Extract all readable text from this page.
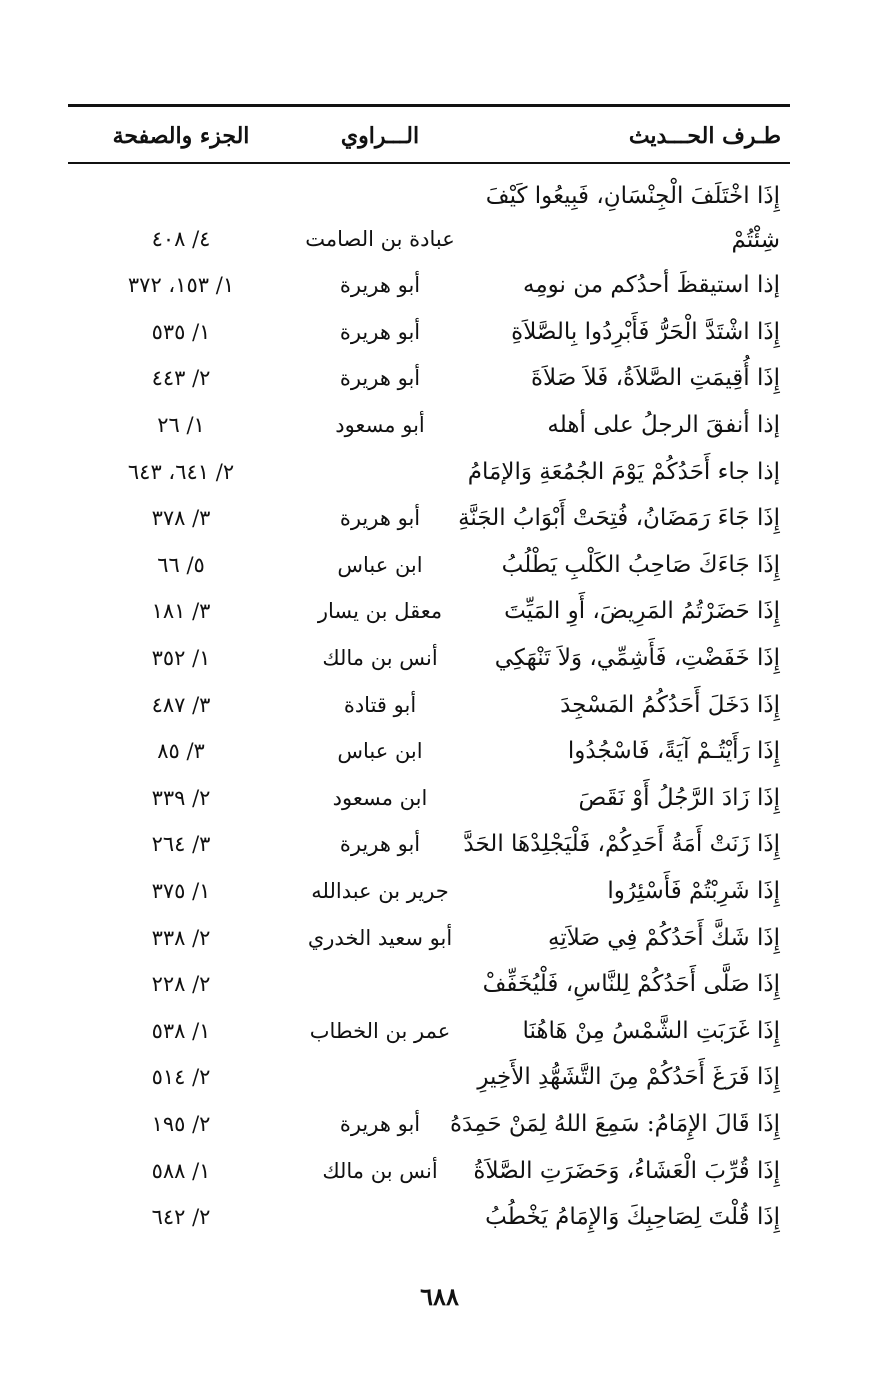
طـرف الحـــديث
الـــراوي
الجزء والصفحة
إِذَا اخْتَلَفَ الْجِنْسَانِ، فَبِيعُوا كَيْفَ شِئْتُمْ
عبادة بن الصامت
٤/ ٤٠٨
إذا استيقظَ أحدُكم من نومِه
أبو هريرة
١/ ١٥٣، ٣٧٢
إِذَا اشْتَدَّ الْحَرُّ فَأَبْرِدُوا بِالصَّلاَةِ
أبو هريرة
١/ ٥٣٥
إِذَا أُقِيمَتِ الصَّلاَةُ، فَلاَ صَلاَةَ
أبو هريرة
٢/ ٤٤٣
إذا أنفقَ الرجلُ على أهله
أبو مسعود
١/ ٢٦
إذا جاء أَحَدُكُمْ يَوْمَ الجُمُعَةِ وَالإمَامُ
٢/ ٦٤١، ٦٤٣
إِذَا جَاءَ رَمَضَانُ، فُتِحَتْ أَبْوَابُ الجَنَّةِ
أبو هريرة
٣/ ٣٧٨
إِذَا جَاءَكَ صَاحِبُ الكَلْبِ يَطْلُبُ
ابن عباس
٥/ ٦٦
إِذَا حَضَرْتُمُ المَرِيضَ، أَوِ المَيِّتَ
معقل بن يسار
٣/ ١٨١
إِذَا خَفَضْتِ، فَأَشِمِّي، وَلاَ تَنْهَكِي
أنس بن مالك
١/ ٣٥٢
إِذَا دَخَلَ أَحَدُكُمُ المَسْجِدَ
أبو قتادة
٣/ ٤٨٧
إِذَا رَأَيْتُـمْ آيَةً، فَاسْجُدُوا
ابن عباس
٣/ ٨٥
إِذَا زَادَ الرَّجُلُ أَوْ نَقَصَ
ابن مسعود
٢/ ٣٣٩
إِذَا زَنَتْ أَمَةُ أَحَدِكُمْ، فَلْيَجْلِدْهَا الحَدَّ
أبو هريرة
٣/ ٢٦٤
إِذَا شَرِبْتُمْ فَأَسْئِرُوا
جرير بن عبدالله
١/ ٣٧٥
إِذَا شَكَّ أَحَدُكُمْ فِي صَلاَتِهِ
أبو سعيد الخدري
٢/ ٣٣٨
إِذَا صَلَّى أَحَدُكُمْ لِلنَّاسِ، فَلْيُخَفِّفْ
٢/ ٢٢٨
إِذَا غَرَبَتِ الشَّمْسُ مِنْ هَاهُنَا
عمر بن الخطاب
١/ ٥٣٨
إِذَا فَرَغَ أَحَدُكُمْ مِنَ التَّشَهُّدِ الأَخِيرِ
٢/ ٥١٤
إِذَا قَالَ الإِمَامُ: سَمِعَ اللهُ لِمَنْ حَمِدَهُ
أبو هريرة
٢/ ١٩٥
إِذَا قُرِّبَ الْعَشَاءُ، وَحَضَرَتِ الصَّلاَةُ
أنس بن مالك
١/ ٥٨٨
إِذَا قُلْتَ لِصَاحِبِكَ وَالإِمَامُ يَخْطُبُ
٢/ ٦٤٢
٦٨٨
